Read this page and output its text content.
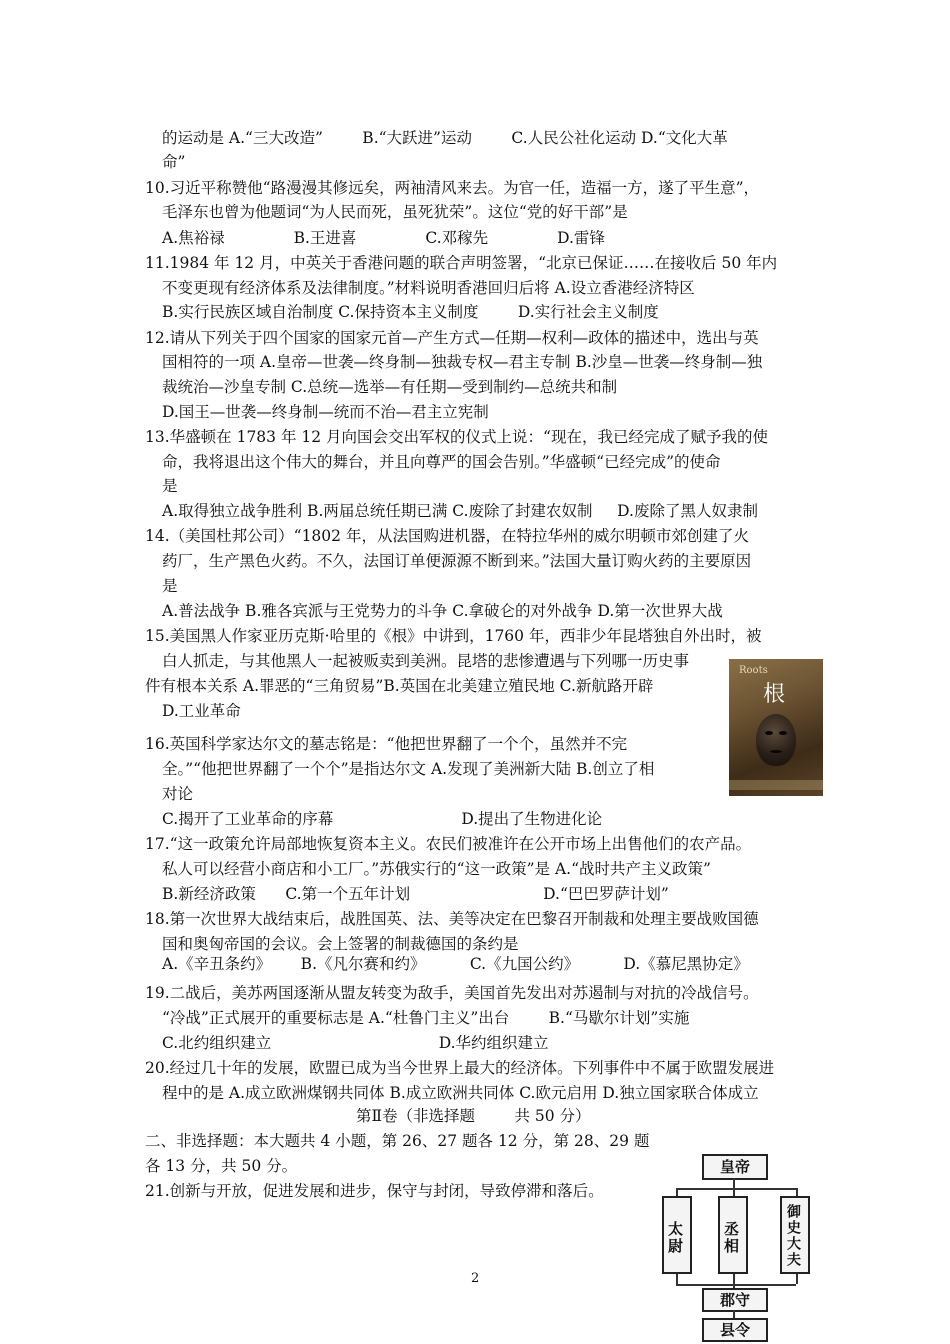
的运动是 A.“三大改造”        B.“大跃进”运动        C.人民公社化运动 D.“文化大革
命”
10.习近平称赞他“路漫漫其修远矣，两袖清风来去。为官一任，造福一方，遂了平生意”，
毛泽东也曾为他题词“为人民而死，虽死犹荣”。这位“党的好干部”是
A.焦裕禄              B.王进喜              C.邓稼先              D.雷锋
11.1984 年 12 月，中英关于香港问题的联合声明签署，“北京已保证……在接收后 50 年内
不变更现有经济体系及法律制度。”材料说明香港回归后将 A.设立香港经济特区
B.实行民族区域自治制度 C.保持资本主义制度        D.实行社会主义制度
12.请从下列关于四个国家的国家元首—产生方式—任期—权利—政体的描述中，选出与英
国相符的一项 A.皇帝—世袭—终身制—独裁专权—君主专制 B.沙皇—世袭—终身制—独
裁统治—沙皇专制 C.总统—选举—有任期—受到制约—总统共和制
D.国王—世袭—终身制—统而不治—君主立宪制
13.华盛顿在 1783 年 12 月向国会交出军权的仪式上说：“现在，我已经完成了赋予我的使
命，我将退出这个伟大的舞台，并且向尊严的国会告别。”华盛顿“已经完成”的使命
是
A.取得独立战争胜利 B.两届总统任期已满 C.废除了封建农奴制     D.废除了黑人奴隶制
14.（美国杜邦公司）“1802 年，从法国购进机器，在特拉华州的威尔明顿市郊创建了火
药厂，生产黑色火药。不久，法国订单便源源不断到来。”法国大量订购火药的主要原因
是
A.普法战争 B.雅各宾派与王党势力的斗争 C.拿破仑的对外战争 D.第一次世界大战
15.美国黑人作家亚历克斯·哈里的《根》中讲到，1760 年，西非少年昆塔独自外出时，被
白人抓走，与其他黑人一起被贩卖到美洲。昆塔的悲惨遭遇与下列哪一历史事
件有根本关系 A.罪恶的“三角贸易”B.英国在北美建立殖民地 C.新航路开辟
D.工业革命
16.英国科学家达尔文的墓志铭是：“他把世界翻了一个个，虽然并不完
全。”“他把世界翻了一个个”是指达尔文 A.发现了美洲新大陆 B.创立了相
对论
C.揭开了工业革命的序幕                          D.提出了生物进化论
17.“这一政策允许局部地恢复资本主义。农民们被准许在公开市场上出售他们的农产品。
私人可以经营小商店和小工厂。”苏俄实行的“这一政策”是 A.“战时共产主义政策”
B.新经济政策      C.第一个五年计划                           D.“巴巴罗萨计划”
18.第一次世界大战结束后，战胜国英、法、美等决定在巴黎召开制裁和处理主要战败国德
国和奥匈帝国的会议。会上签署的制裁德国的条约是
A.《辛丑条约》      B.《凡尔赛和约》         C.《九国公约》         D.《慕尼黑协定》
19.二战后，美苏两国逐渐从盟友转变为敌手，美国首先发出对苏遏制与对抗的冷战信号。
“冷战”正式展开的重要标志是 A.“杜鲁门主义”出台        B.“马歇尔计划”实施
C.北约组织建立                                  D.华约组织建立
20.经过几十年的发展，欧盟已成为当今世界上最大的经济体。下列事件中不属于欧盟发展进
程中的是 A.成立欧洲煤钢共同体 B.成立欧洲共同体 C.欧元启用 D.独立国家联合体成立
第Ⅱ卷（非选择题        共 50 分）
二、非选择题：本大题共 4 小题，第 26、27 题各 12 分，第 28、29 题
各 13 分，共 50 分。
21.创新与开放，促进发展和进步，保守与封闭，导致停滞和落后。
Roots
根
皇帝
太尉	丞相	御史大夫
郡守
县令
2
